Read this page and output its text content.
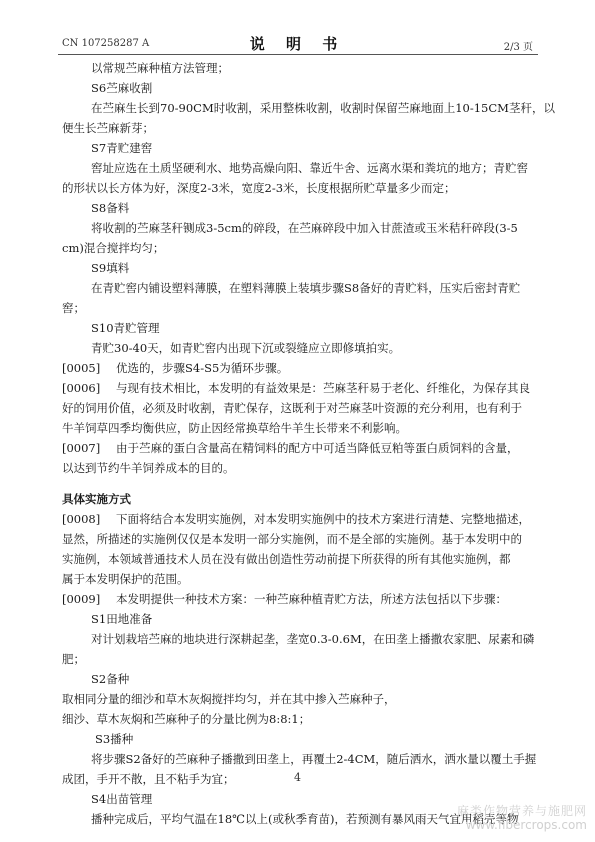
CN 107258287 A	说 明 书	2/3 页
以常规苎麻种植方法管理；
S6苎麻收割
在苎麻生长到70-90CM时收割，采用整株收割，收割时保留苎麻地面上10-15CM茎秆，以
便生长苎麻新芽；
S7青贮建窖
窖址应选在土质坚硬利水、地势高燥向阳、靠近牛舍、远离水渠和粪坑的地方；青贮窖
的形状以长方体为好，深度2-3米，宽度2-3米，长度根据所贮草量多少而定；
S8备料
将收割的苎麻茎秆铡成3-5cm的碎段，在苎麻碎段中加入甘蔗渣或玉米秸秆碎段(3-5
cm)混合搅拌均匀；
S9填料
在青贮窖内铺设塑料薄膜，在塑料薄膜上装填步骤S8备好的青贮料，压实后密封青贮
窖；
S10青贮管理
青贮30-40天，如青贮窖内出现下沉或裂缝应立即修填拍实。
[0005]	优选的，步骤S4-S5为循环步骤。
[0006]	与现有技术相比，本发明的有益效果是：苎麻茎秆易于老化、纤维化，为保存其良
好的饲用价值，必须及时收割，青贮保存，这既利于对苎麻茎叶资源的充分利用，也有利于
牛羊饲草四季均衡供应，防止因经常换草给牛羊生长带来不利影响。
[0007]	由于苎麻的蛋白含量高在精饲料的配方中可适当降低豆粕等蛋白质饲料的含量，
以达到节约牛羊饲养成本的目的。
具体实施方式
[0008]	下面将结合本发明实施例，对本发明实施例中的技术方案进行清楚、完整地描述，
显然，所描述的实施例仅仅是本发明一部分实施例，而不是全部的实施例。基于本发明中的
实施例，本领域普通技术人员在没有做出创造性劳动前提下所获得的所有其他实施例，都
属于本发明保护的范围。
[0009]	本发明提供一种技术方案：一种苎麻种植青贮方法，所述方法包括以下步骤：
S1田地准备
对计划栽培苎麻的地块进行深耕起垄，垄宽0.3-0.6M，在田垄上播撒农家肥、尿素和磷
肥；
S2备种
取相同分量的细沙和草木灰焖搅拌均匀，并在其中掺入苎麻种子，
细沙、草木灰焖和苎麻种子的分量比例为8:8:1；
S3播种
将步骤S2备好的苎麻种子播撒到田垄上，再覆土2-4CM，随后洒水，洒水量以覆土手握
成团，手开不散，且不粘手为宜；
S4出苗管理
播种完成后，平均气温在18℃以上(或秋季育苗)，若预测有暴风雨天气宜用稻壳等物
4
麻类作物营养与施肥网
www.fibercrops.com
